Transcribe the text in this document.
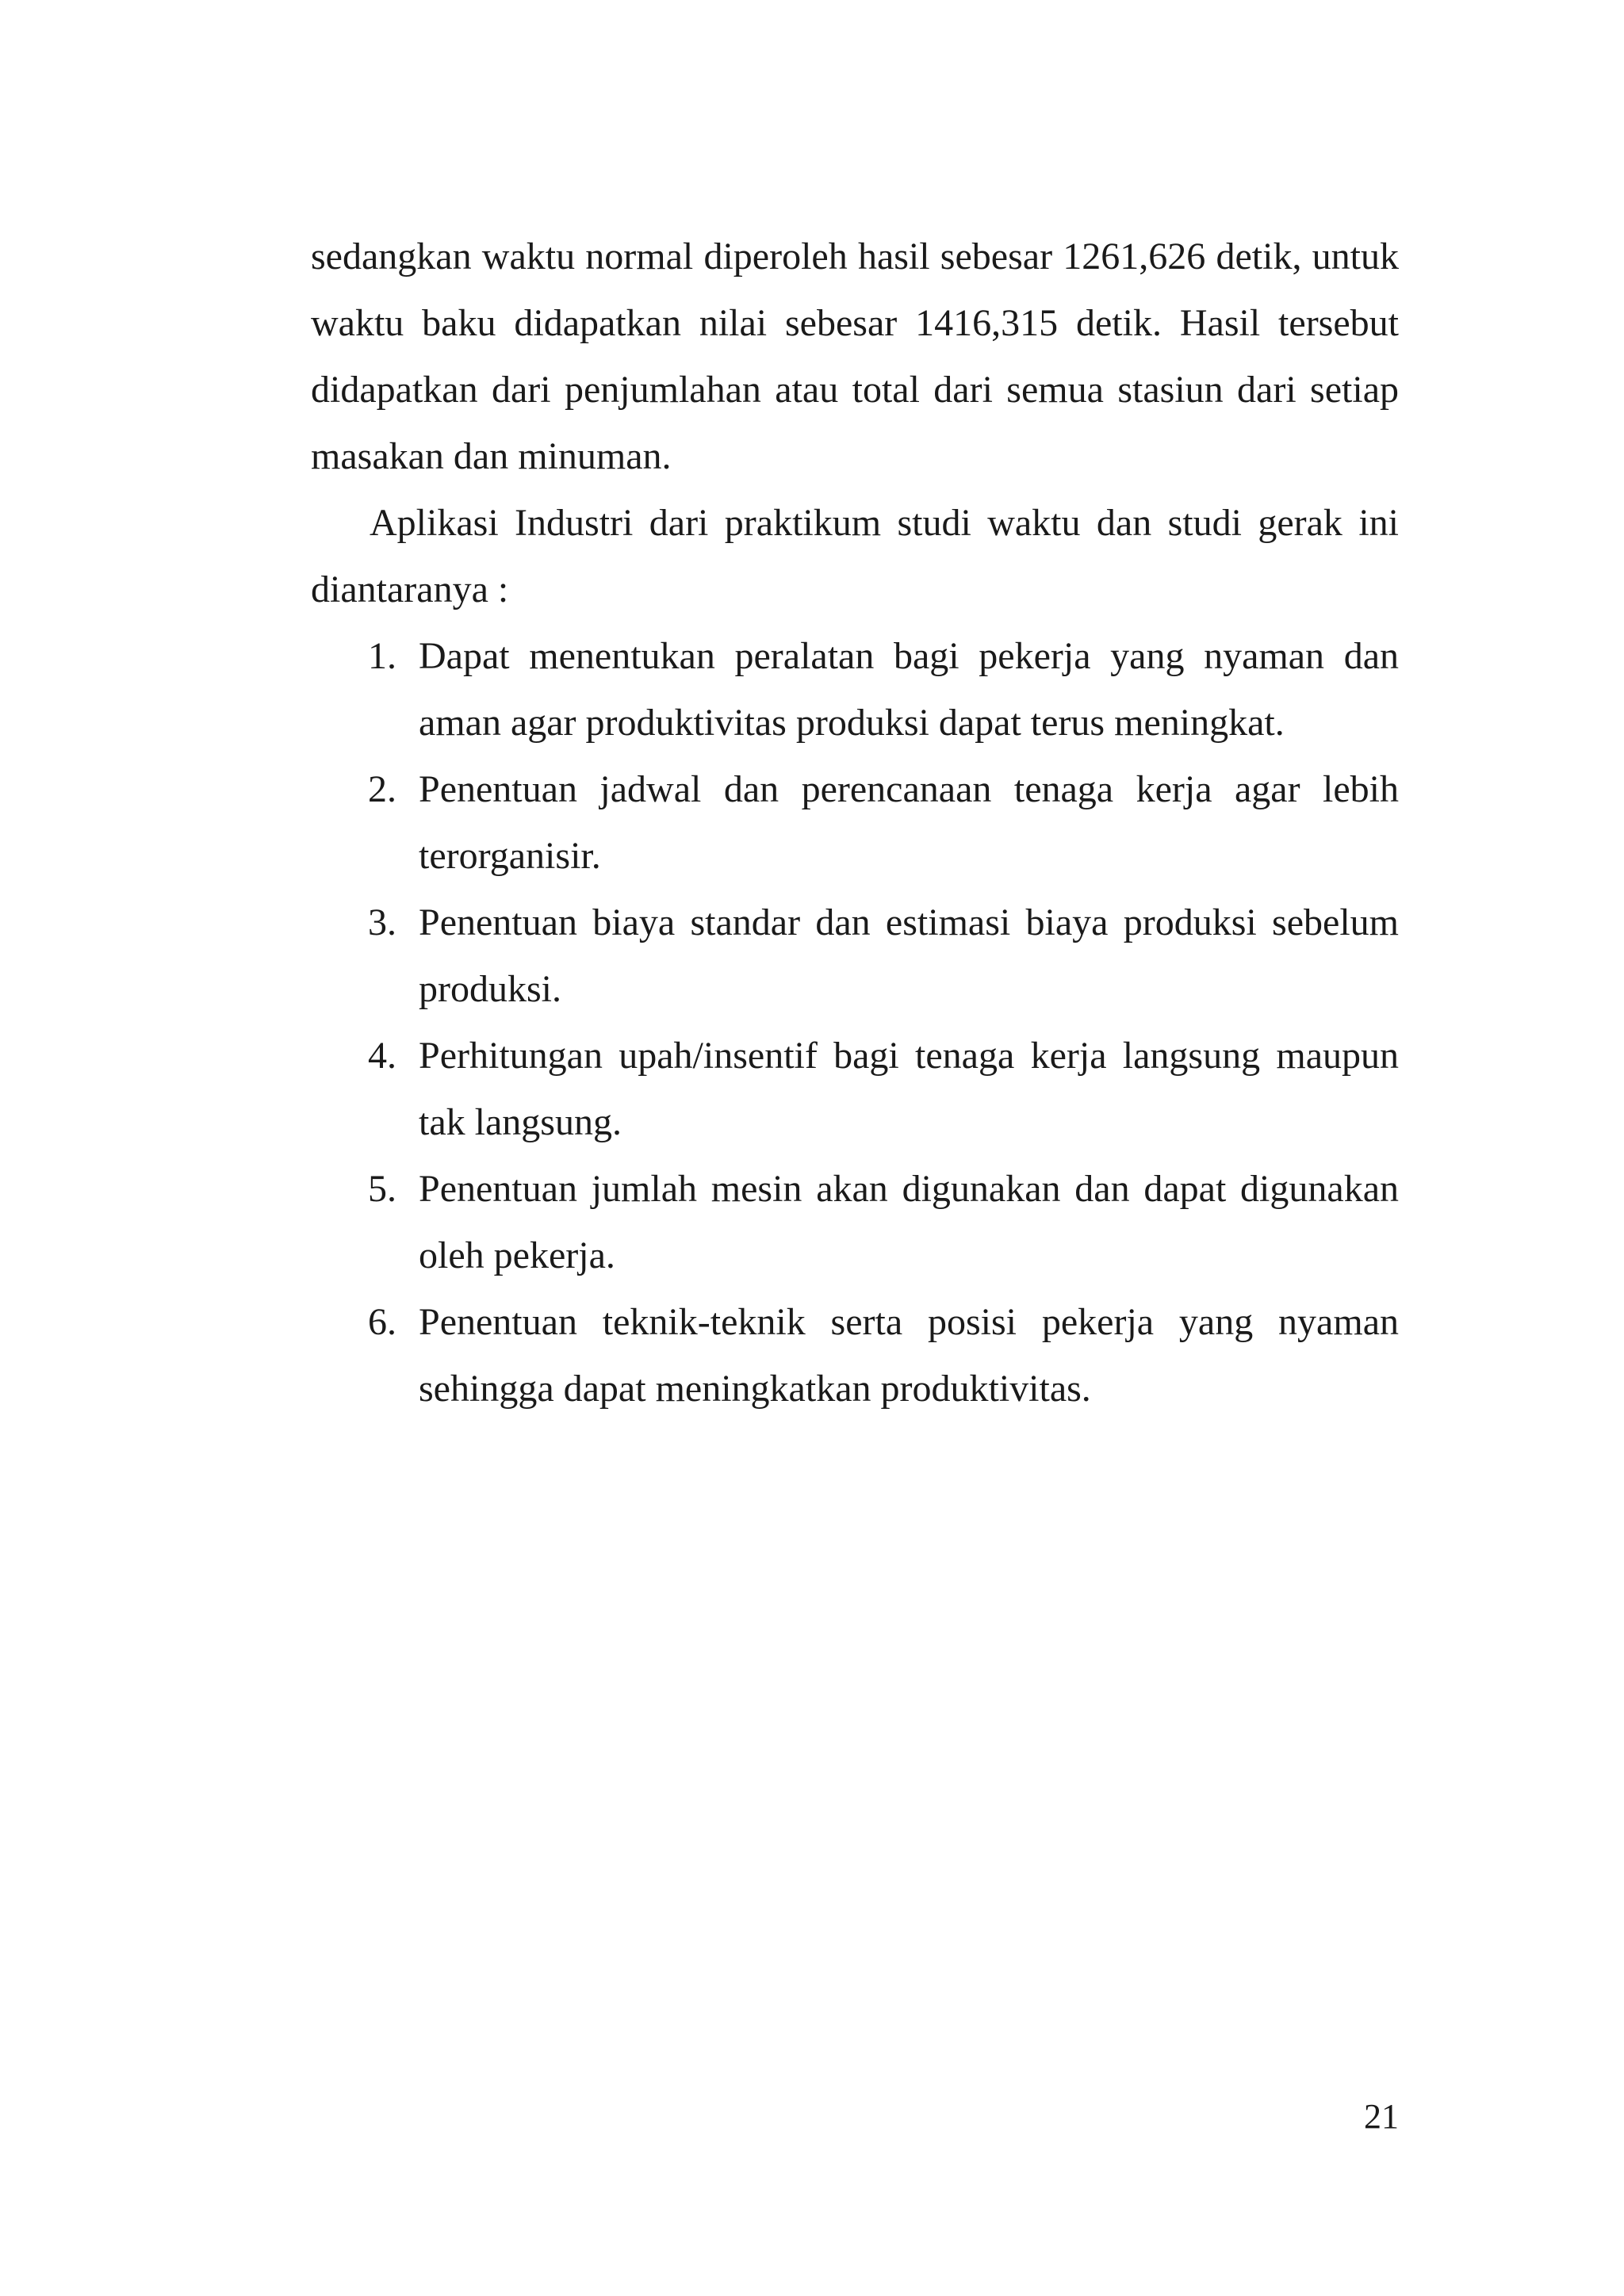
sedangkan waktu normal diperoleh hasil sebesar 1261,626 detik, untuk waktu baku didapatkan nilai sebesar 1416,315 detik. Hasil tersebut didapatkan dari penjumlahan atau total dari semua stasiun dari setiap masakan dan minuman.

Aplikasi Industri dari praktikum studi waktu dan studi gerak ini diantaranya :

1. Dapat menentukan peralatan bagi pekerja yang nyaman dan aman agar produktivitas produksi dapat terus meningkat.
2. Penentuan jadwal dan perencanaan tenaga kerja agar lebih terorganisir.
3. Penentuan biaya standar dan estimasi biaya produksi sebelum produksi.
4. Perhitungan upah/insentif bagi tenaga kerja langsung maupun tak langsung.
5. Penentuan jumlah mesin akan digunakan dan dapat digunakan oleh pekerja.
6. Penentuan teknik-teknik serta posisi pekerja yang nyaman sehingga dapat meningkatkan produktivitas.
21
